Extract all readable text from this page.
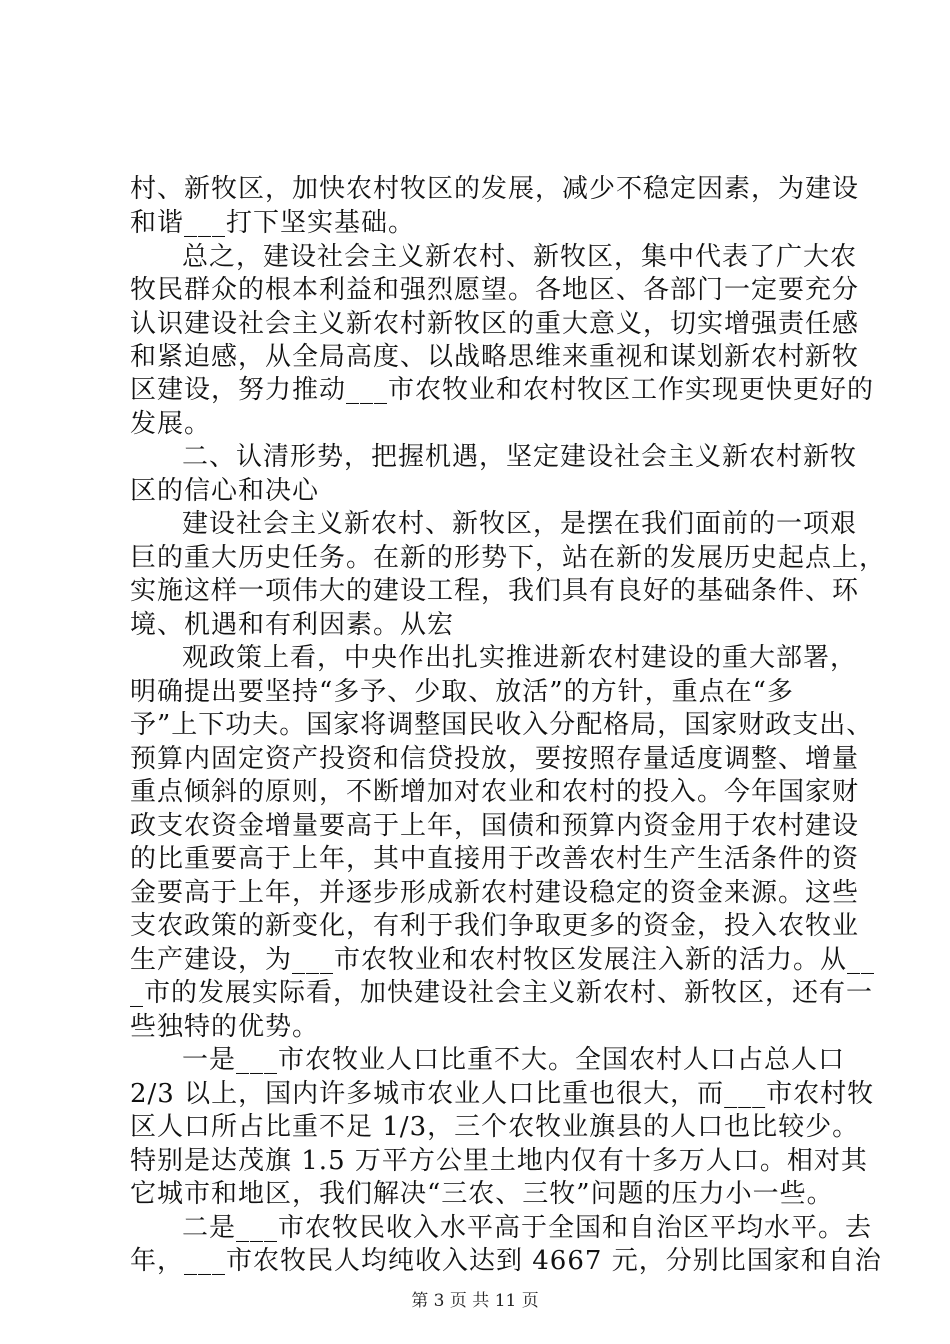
村、新牧区，加快农村牧区的发展，减少不稳定因素，为建设
和谐___打下坚实基础。
总之，建设社会主义新农村、新牧区，集中代表了广大农
牧民群众的根本利益和强烈愿望。各地区、各部门一定要充分
认识建设社会主义新农村新牧区的重大意义，切实增强责任感
和紧迫感，从全局高度、以战略思维来重视和谋划新农村新牧
区建设，努力推动___市农牧业和农村牧区工作实现更快更好的
发展。
二、认清形势，把握机遇，坚定建设社会主义新农村新牧
区的信心和决心
建设社会主义新农村、新牧区，是摆在我们面前的一项艰
巨的重大历史任务。在新的形势下，站在新的发展历史起点上，
实施这样一项伟大的建设工程，我们具有良好的基础条件、环
境、机遇和有利因素。从宏
观政策上看，中央作出扎实推进新农村建设的重大部署，
明确提出要坚持“多予、少取、放活”的方针，重点在“多
予”上下功夫。国家将调整国民收入分配格局，国家财政支出、
预算内固定资产投资和信贷投放，要按照存量适度调整、增量
重点倾斜的原则，不断增加对农业和农村的投入。今年国家财
政支农资金增量要高于上年，国债和预算内资金用于农村建设
的比重要高于上年，其中直接用于改善农村生产生活条件的资
金要高于上年，并逐步形成新农村建设稳定的资金来源。这些
支农政策的新变化，有利于我们争取更多的资金，投入农牧业
生产建设，为___市农牧业和农村牧区发展注入新的活力。从__
_市的发展实际看，加快建设社会主义新农村、新牧区，还有一
些独特的优势。
一是___市农牧业人口比重不大。全国农村人口占总人口
2/3 以上，国内许多城市农业人口比重也很大，而___市农村牧
区人口所占比重不足 1/3，三个农牧业旗县的人口也比较少。
特别是达茂旗 1.5 万平方公里土地内仅有十多万人口。相对其
它城市和地区，我们解决“三农、三牧”问题的压力小一些。
二是___市农牧民收入水平高于全国和自治区平均水平。去
年，___市农牧民人均纯收入达到 4667 元，分别比国家和自治
第 3 页 共 11 页
